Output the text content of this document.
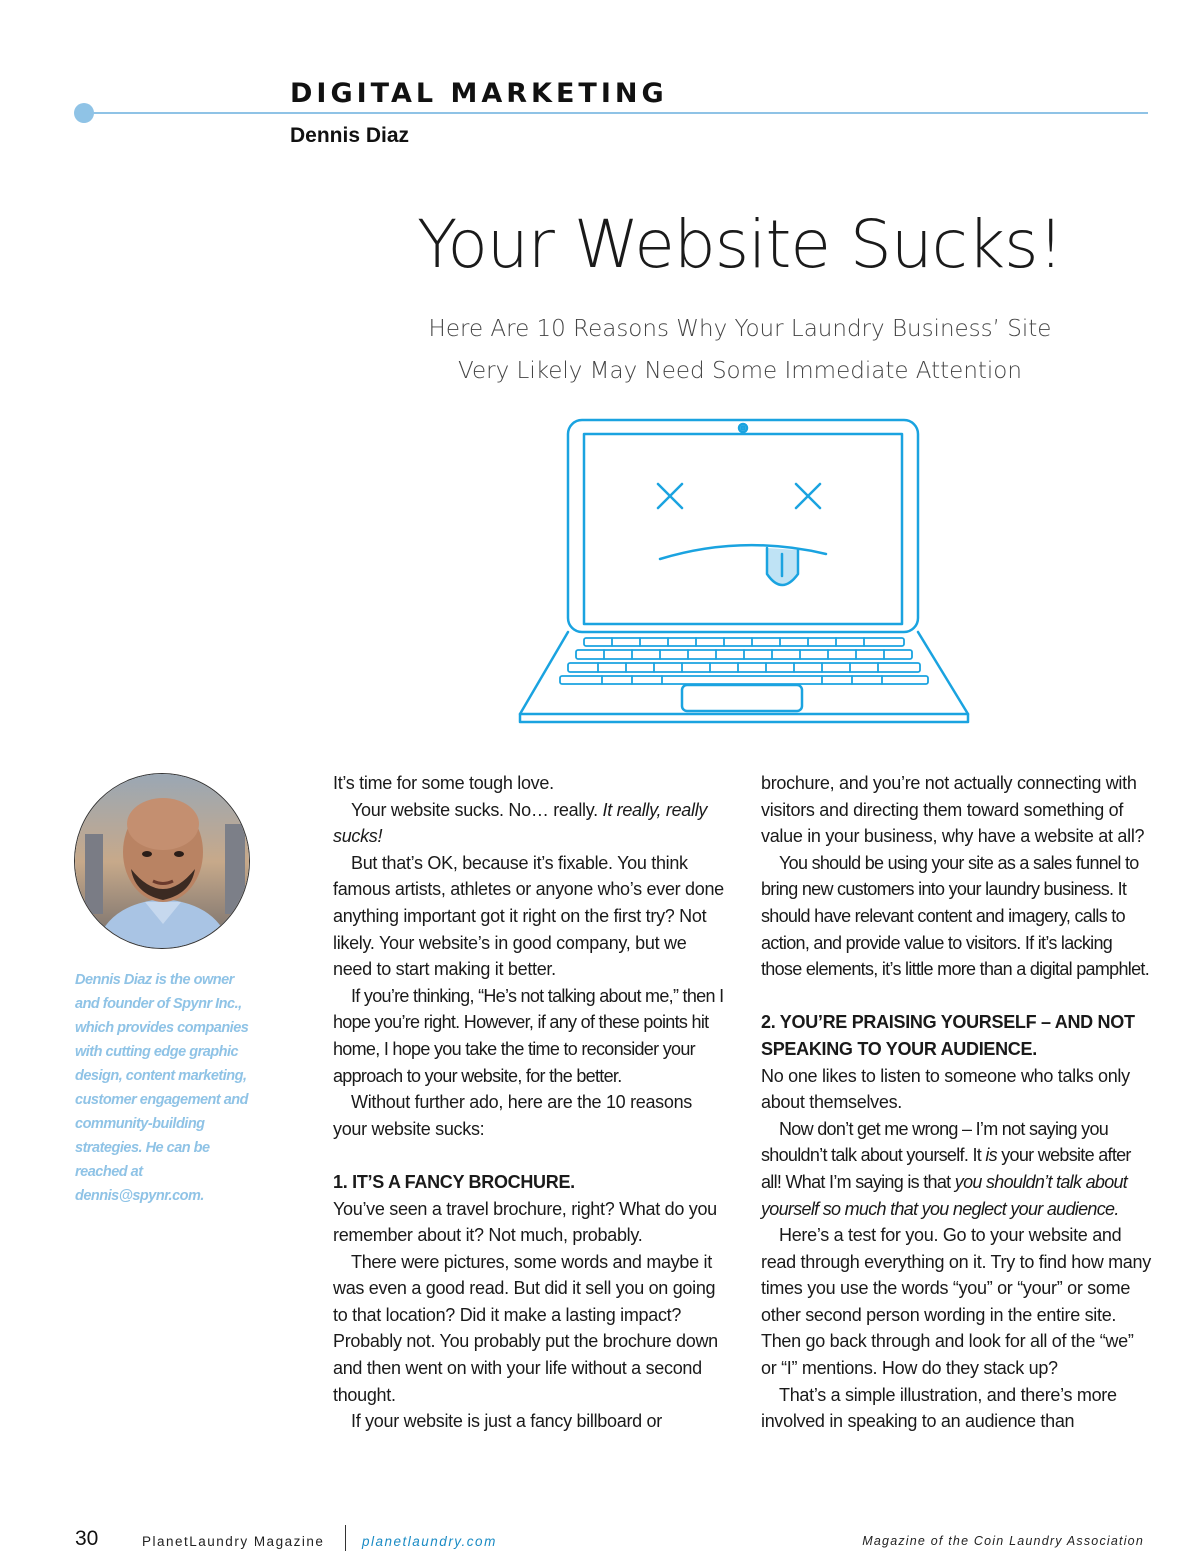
DIGITAL MARKETING
Dennis Diaz
Your Website Sucks!
Here Are 10 Reasons Why Your Laundry Business’ Site
Very Likely May Need Some Immediate Attention
Dennis Diaz is the owner and founder of Spynr Inc., which provides companies with cutting edge graphic design, content marketing, customer engagement and community-building strategies. He can be reached at dennis@spynr.com.

It’s time for some tough love.

Your website sucks. No… really. It really, really sucks!

But that’s OK, because it’s fixable. You think famous artists, athletes or anyone who’s ever done anything important got it right on the first try? Not likely. Your website’s in good company, but we need to start making it better.

If you’re thinking, “He’s not talking about me,” then I hope you’re right. However, if any of these points hit home, I hope you take the time to reconsider your approach to your website, for the better.

Without further ado, here are the 10 reasons your website sucks:

1. IT’S A FANCY BROCHURE.

You’ve seen a travel brochure, right? What do you remember about it? Not much, probably.

There were pictures, some words and maybe it was even a good read. But did it sell you on going to that location? Did it make a lasting impact? Probably not. You probably put the brochure down and then went on with your life without a second thought.

If your website is just a fancy billboard or

brochure, and you’re not actually connecting with visitors and directing them toward something of value in your business, why have a website at all?

You should be using your site as a sales funnel to bring new customers into your laundry business. It should have relevant content and imagery, calls to action, and provide value to visitors. If it’s lacking those elements, it’s little more than a digital pamphlet.

2. YOU’RE PRAISING YOURSELF – AND NOT SPEAKING TO YOUR AUDIENCE.

No one likes to listen to someone who talks only about themselves.

Now don’t get me wrong – I’m not saying you shouldn’t talk about yourself. It is your website after all! What I’m saying is that you shouldn’t talk about yourself so much that you neglect your audience.

Here’s a test for you. Go to your website and read through everything on it. Try to find how many times you use the words “you” or “your” or some other second person wording in the entire site. Then go back through and look for all of the “we” or “I” mentions. How do they stack up?

That’s a simple illustration, and there’s more involved in speaking to an audience than

30	PlanetLaundry Magazine	planetlaundry.com	Magazine of the Coin Laundry Association
